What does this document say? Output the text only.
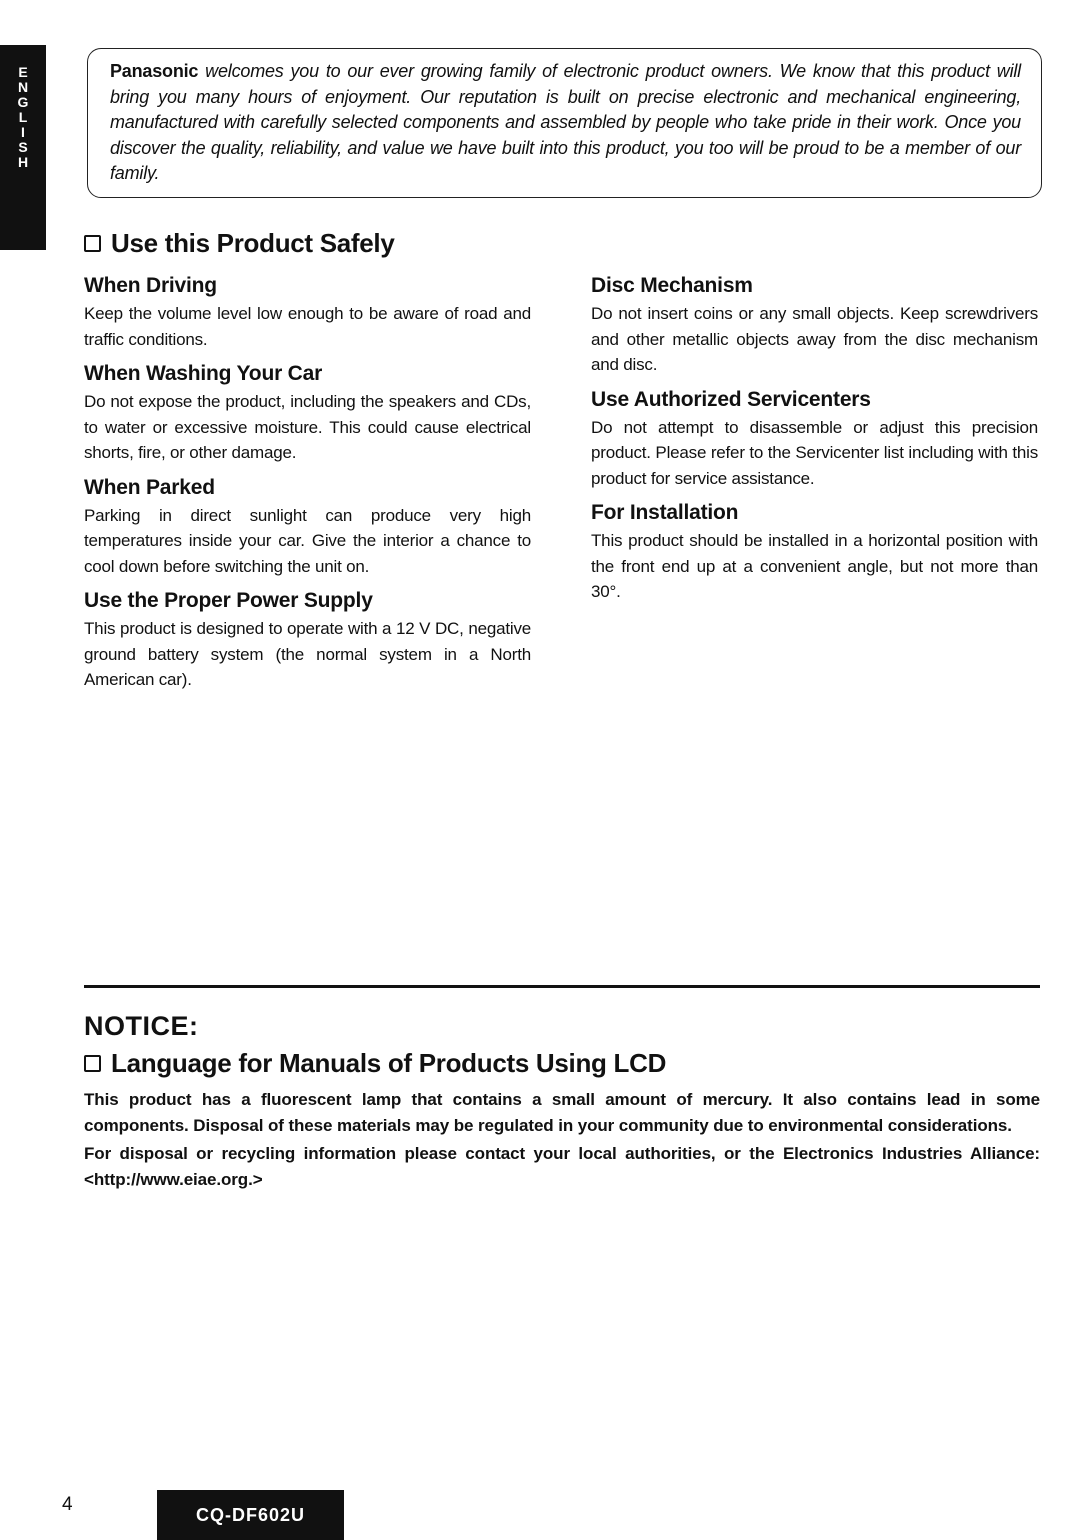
E
N
G
L
I
S
H
Panasonic welcomes you to our ever growing family of electronic product owners. We know that this product will bring you many hours of enjoyment. Our reputation is built on precise electronic and mechanical engineering, manufactured with carefully selected components and assembled by people who take pride in their work. Once you discover the quality, reliability, and value we have built into this product, you too will be proud to be a member of our family.
Use this Product Safely
When Driving

Keep the volume level low enough to be aware of road and traffic conditions.

When Washing Your Car

Do not expose the product, including the speakers and CDs, to water or excessive moisture. This could cause electrical shorts, fire, or other damage.

When Parked

Parking in direct sunlight can produce very high temperatures inside your car. Give the interior a chance to cool down before switching the unit on.

Use the Proper Power Supply

This product is designed to operate with a 12 V DC, negative ground battery system (the normal system in a North American car).

Disc Mechanism

Do not insert coins or any small objects. Keep screwdrivers and other metallic objects away from the disc mechanism and disc.

Use Authorized Servicenters

Do not attempt to disassemble or adjust this precision product. Please refer to the Servicenter list including with this product for service assistance.

For Installation

This product should be installed in a horizontal position with the front end up at a convenient angle, but not more than 30°.

NOTICE:
Language for Manuals of Products Using LCD

This product has a fluorescent lamp that contains a small amount of mercury. It also contains lead in some components. Disposal of these materials may be regulated in your community due to environmental considerations.

For disposal or recycling information please contact your local authorities, or the Electronics Industries Alliance: <http://www.eiae.org.>

4	CQ-DF602U
